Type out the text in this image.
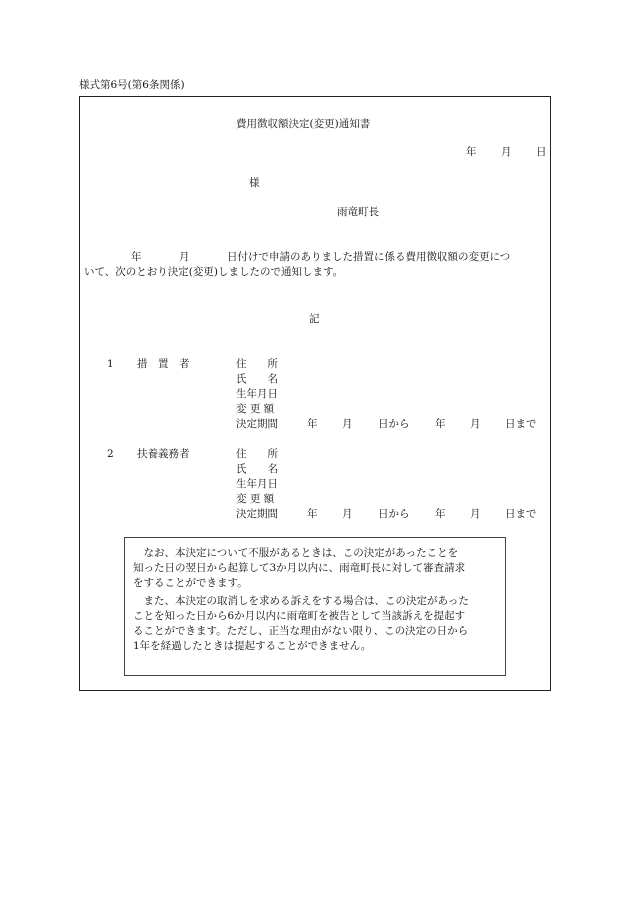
様式第6号(第6条関係)
費用徴収額決定(変更)通知書
年 月 日
様
雨竜町長
年	月	日付けで申請のありました措置に係る費用徴収額の変更につ
いて、次のとおり決定(変更)しましたので通知します。
記
1 措　置　者	住　　所
氏　　名
生年月日
変 更 額
決定期間	年 月 日から 年 月 日まで
2 扶養義務者	住　　所
氏　　名
生年月日
変 更 額
決定期間	年 月 日から 年 月 日まで
　なお、本決定について不服があるときは、この決定があったことを
知った日の翌日から起算して3か月以内に、雨竜町長に対して審査請求
をすることができます。
　また、本決定の取消しを求める訴えをする場合は、この決定があった
ことを知った日から6か月以内に雨竜町を被告として当該訴えを提起す
ることができます。ただし、正当な理由がない限り、この決定の日から
1年を経過したときは提起することができません。
